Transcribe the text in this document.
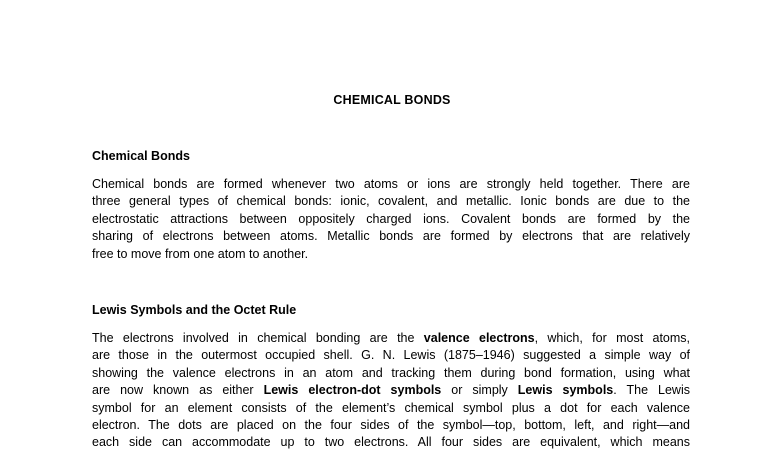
CHEMICAL BONDS
Chemical Bonds
Chemical bonds are formed whenever two atoms or ions are strongly held together. There are
three general types of chemical bonds: ionic, covalent, and metallic. Ionic bonds are due to the
electrostatic attractions between oppositely charged ions. Covalent bonds are formed by the
sharing of electrons between atoms. Metallic bonds are formed by electrons that are relatively
free to move from one atom to another.
Lewis Symbols and the Octet Rule
The electrons involved in chemical bonding are the valence electrons, which, for most atoms,
are those in the outermost occupied shell. G. N. Lewis (1875–1946) suggested a simple way of
showing the valence electrons in an atom and tracking them during bond formation, using what
are now known as either Lewis electron-dot symbols or simply Lewis symbols. The Lewis
symbol for an element consists of the element’s chemical symbol plus a dot for each valence
electron. The dots are placed on the four sides of the symbol—top, bottom, left, and right—and
each side can accommodate up to two electrons. All four sides are equivalent, which means
